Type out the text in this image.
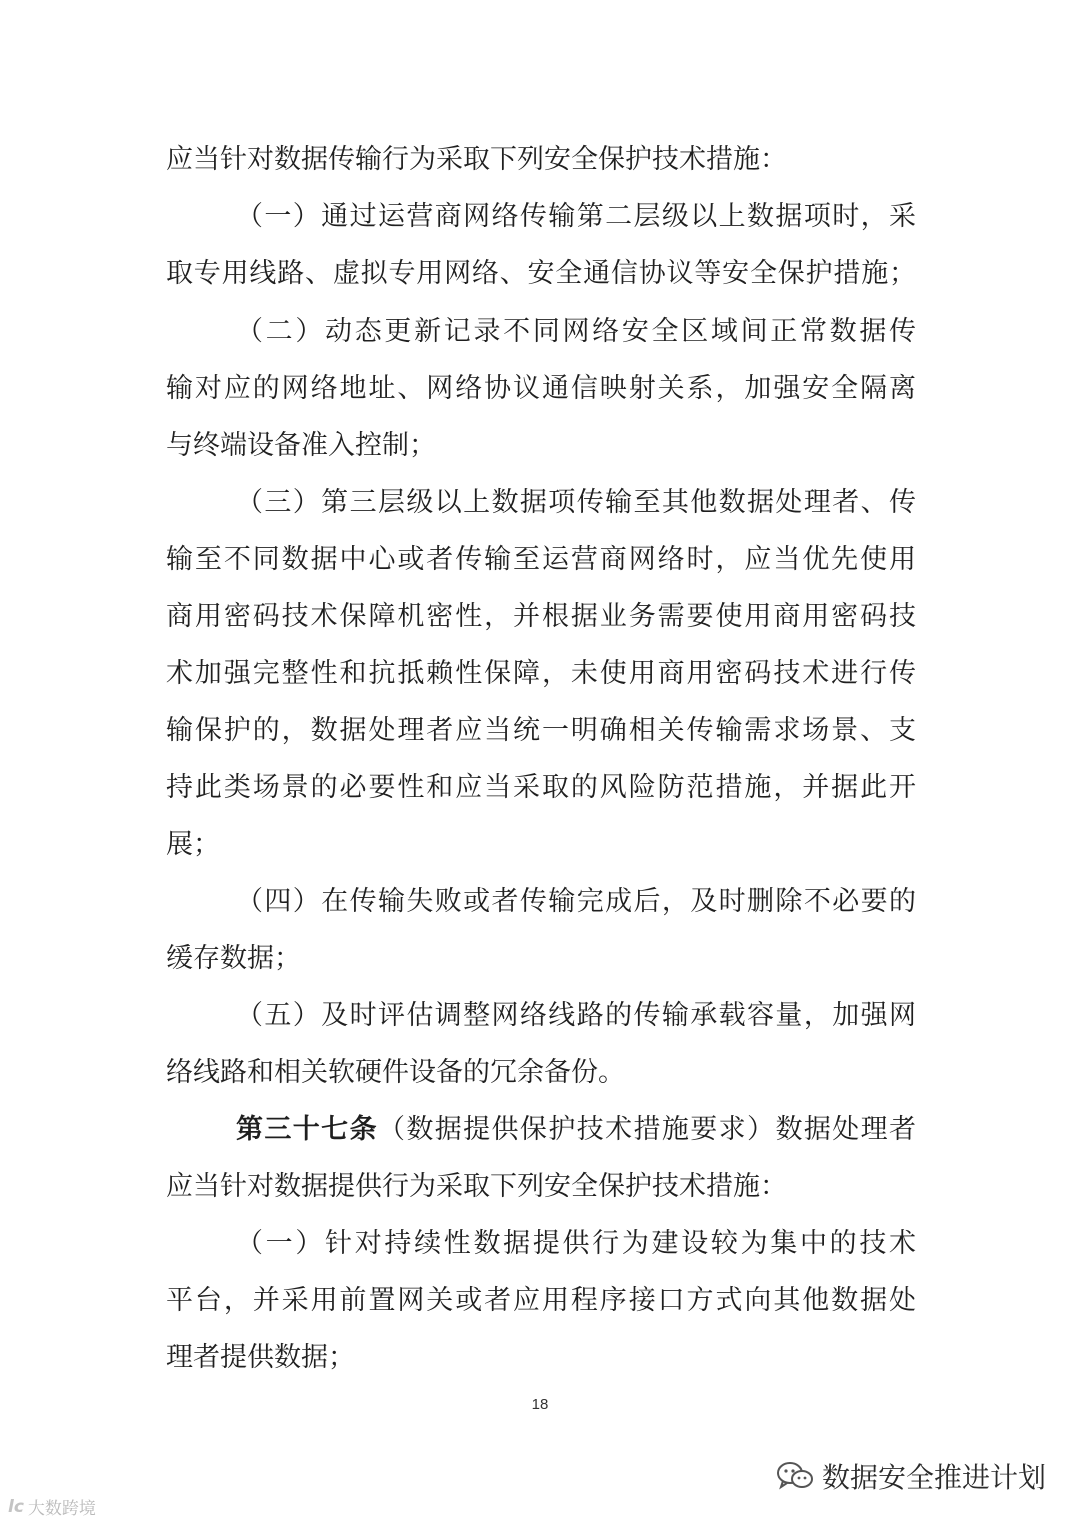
应当针对数据传输行为采取下列安全保护技术措施：
（一）通过运营商网络传输第二层级以上数据项时，采
取专用线路、虚拟专用网络、安全通信协议等安全保护措施；
（二）动态更新记录不同网络安全区域间正常数据传
输对应的网络地址、网络协议通信映射关系，加强安全隔离
与终端设备准入控制；
（三）第三层级以上数据项传输至其他数据处理者、传
输至不同数据中心或者传输至运营商网络时，应当优先使用
商用密码技术保障机密性，并根据业务需要使用商用密码技
术加强完整性和抗抵赖性保障，未使用商用密码技术进行传
输保护的，数据处理者应当统一明确相关传输需求场景、支
持此类场景的必要性和应当采取的风险防范措施，并据此开
展；
（四）在传输失败或者传输完成后，及时删除不必要的
缓存数据；
（五）及时评估调整网络线路的传输承载容量，加强网
络线路和相关软硬件设备的冗余备份。
第三十七条（数据提供保护技术措施要求）数据处理者
应当针对数据提供行为采取下列安全保护技术措施：
（一）针对持续性数据提供行为建设较为集中的技术
平台，并采用前置网关或者应用程序接口方式向其他数据处
理者提供数据；
18
数据安全推进计划
lc 大数跨境
